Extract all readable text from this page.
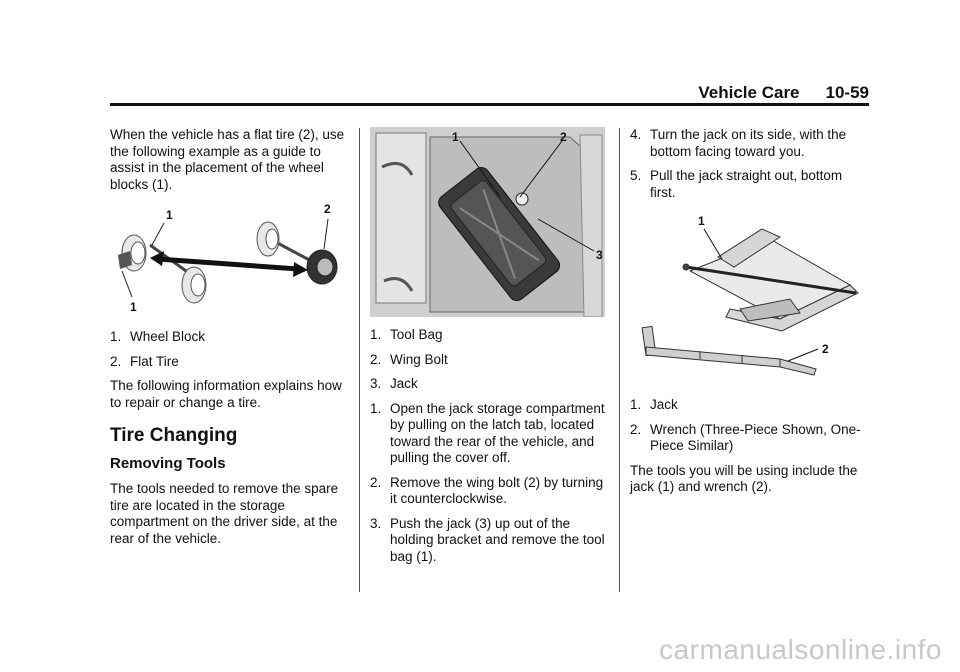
Vehicle Care 10-59

When the vehicle has a flat tire (2), use the following example as a guide to assist in the placement of the wheel blocks (1).

1	2
1
1. Wheel Block
2. Flat Tire

The following information explains how to repair or change a tire.

Tire Changing
Removing Tools

The tools needed to remove the spare tire are located in the storage compartment on the driver side, at the rear of the vehicle.

1	2
3
1. Tool Bag
2. Wing Bolt
3. Jack
1. Open the jack storage compartment by pulling on the latch tab, located toward the rear of the vehicle, and pulling the cover off.
2. Remove the wing bolt (2) by turning it counterclockwise.
3. Push the jack (3) up out of the holding bracket and remove the tool bag (1).
4. Turn the jack on its side, with the bottom facing toward you.
5. Pull the jack straight out, bottom first.
1
2
1. Jack
2. Wrench (Three-Piece Shown, One-Piece Similar)

The tools you will be using include the jack (1) and wrench (2).

carmanualsonline.info
